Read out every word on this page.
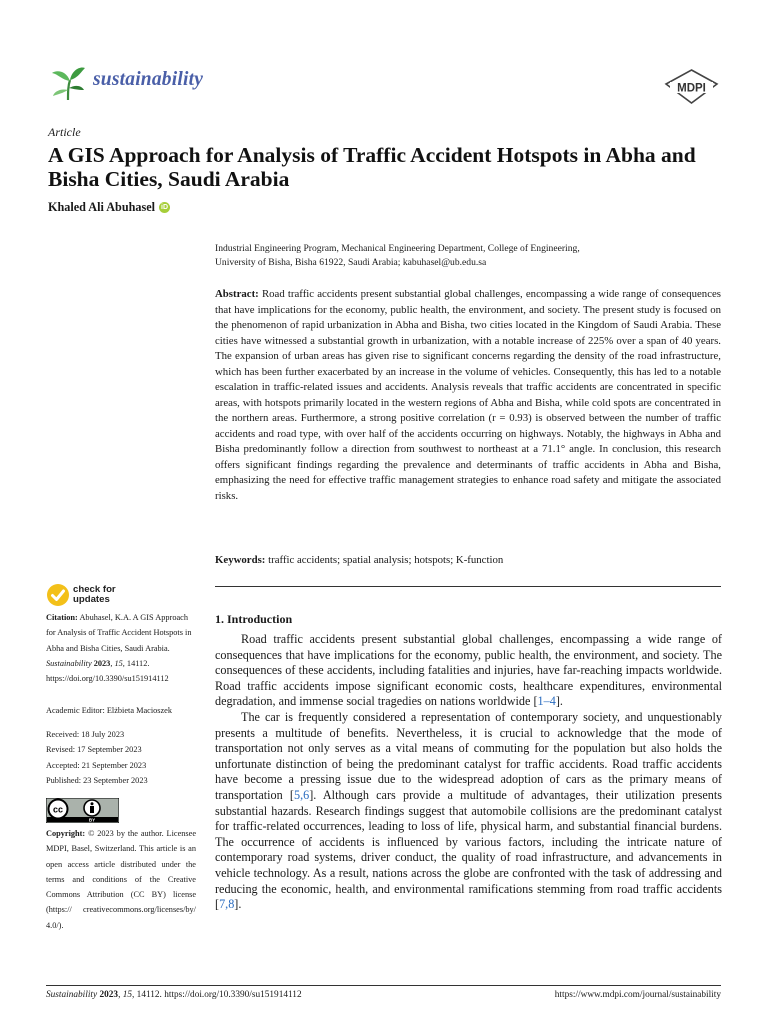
sustainability	MDPI
Article
A GIS Approach for Analysis of Traffic Accident Hotspots in Abha and Bisha Cities, Saudi Arabia
Khaled Ali Abuhasel iD
Industrial Engineering Program, Mechanical Engineering Department, College of Engineering,
University of Bisha, Bisha 61922, Saudi Arabia; kabuhasel@ub.edu.sa
Abstract: Road traffic accidents present substantial global challenges, encompassing a wide range of consequences that have implications for the economy, public health, the environment, and society. The present study is focused on the phenomenon of rapid urbanization in Abha and Bisha, two cities located in the Kingdom of Saudi Arabia. These cities have witnessed a substantial growth in urbanization, with a notable increase of 225% over a span of 40 years. The expansion of urban areas has given rise to significant concerns regarding the density of the road infrastructure, which has been further exacerbated by an increase in the volume of vehicles. Consequently, this has led to a notable escalation in traffic-related issues and accidents. Analysis reveals that traffic accidents are concentrated in specific areas, with hotspots primarily located in the western regions of Abha and Bisha, while cold spots are concentrated in the northern areas. Furthermore, a strong positive correlation (r = 0.93) is observed between the number of traffic accidents and road type, with over half of the accidents occurring on highways. Notably, the highways in Abha and Bisha predominantly follow a direction from southwest to northeast at a 71.1° angle. In conclusion, this research offers significant findings regarding the prevalence and determinants of traffic accidents in Abha and Bisha, emphasizing the need for effective traffic management strategies to enhance road safety and mitigate the associated risks.
Keywords: traffic accidents; spatial analysis; hotspots; K-function
check for
updates
Citation: Abuhasel, K.A. A GIS Approach for Analysis of Traffic Accident Hotspots in Abha and Bisha Cities, Saudi Arabia. Sustainability 2023, 15, 14112. https://doi.org/10.3390/su151914112
Academic Editor: Elżbieta Macioszek
Received: 18 July 2023
Revised: 17 September 2023
Accepted: 21 September 2023
Published: 23 September 2023
cc
BY
Copyright: © 2023 by the author. Licensee MDPI, Basel, Switzerland. This article is an open access article distributed under the terms and conditions of the Creative Commons Attribution (CC BY) license (https:// creativecommons.org/licenses/by/ 4.0/).
1. Introduction

Road traffic accidents present substantial global challenges, encompassing a wide range of consequences that have implications for the economy, public health, the environment, and society. The consequences of these accidents, including fatalities and injuries, have far-reaching impacts worldwide. Road traffic accidents impose significant economic costs, healthcare expenditures, environmental degradation, and immense social tragedies on nations worldwide [1–4].

The car is frequently considered a representation of contemporary society, and unquestionably presents a multitude of benefits. Nevertheless, it is crucial to acknowledge that the mode of transportation not only serves as a vital means of commuting for the population but also holds the unfortunate distinction of being the predominant catalyst for traffic accidents. Road traffic accidents have become a pressing issue due to the widespread adoption of cars as the primary means of transportation [5,6]. Although cars provide a multitude of advantages, their utilization presents substantial hazards. Research findings suggest that automobile collisions are the predominant catalyst for traffic-related occurrences, leading to loss of life, physical harm, and substantial financial burdens. The occurrence of accidents is influenced by various factors, including the intricate nature of contemporary road systems, driver conduct, the quality of road infrastructure, and advancements in vehicle technology. As a result, nations across the globe are confronted with the task of addressing and reducing the economic, health, and environmental ramifications stemming from road traffic accidents [7,8].

Sustainability 2023, 15, 14112. https://doi.org/10.3390/su151914112	https://www.mdpi.com/journal/sustainability
